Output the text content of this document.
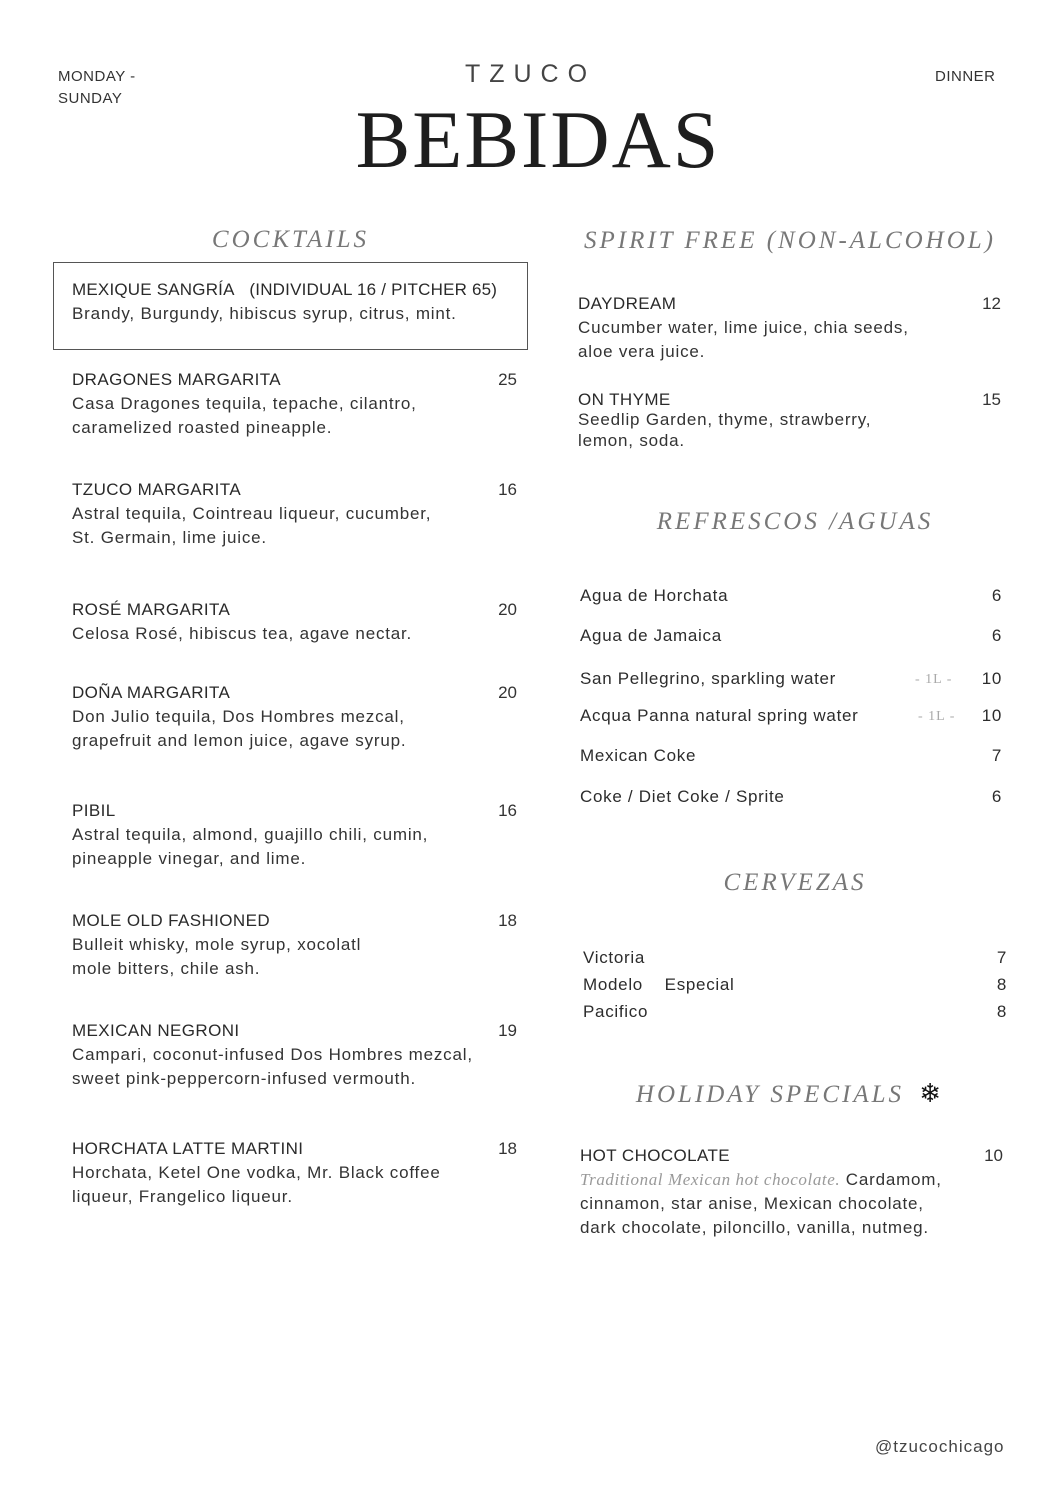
MONDAY -
SUNDAY
DINNER
TZUCO
BEBIDAS
COCKTAILS
MEXIQUE SANGRÍA (INDIVIDUAL 16 / PITCHER 65)
Brandy, Burgundy, hibiscus syrup, citrus, mint.
DRAGONES MARGARITA	25
Casa Dragones tequila, tepache, cilantro,
caramelized roasted pineapple.
TZUCO MARGARITA	16
Astral tequila, Cointreau liqueur, cucumber,
St. Germain, lime juice.
ROSÉ MARGARITA	20
Celosa Rosé, hibiscus tea, agave nectar.
DOÑA MARGARITA	20
Don Julio tequila, Dos Hombres mezcal,
grapefruit and lemon juice, agave syrup.
PIBIL	16
Astral tequila, almond, guajillo chili, cumin,
pineapple vinegar, and lime.
MOLE OLD FASHIONED	18
Bulleit whisky, mole syrup, xocolatl
mole bitters, chile ash.
MEXICAN NEGRONI	19
Campari, coconut-infused Dos Hombres mezcal,
sweet pink-peppercorn-infused vermouth.
HORCHATA LATTE MARTINI	18
Horchata, Ketel One vodka, Mr. Black coffee
liqueur, Frangelico liqueur.
SPIRIT FREE (NON-ALCOHOL)
DAYDREAM	12
Cucumber water, lime juice, chia seeds,
aloe vera juice.
ON THYME	15
Seedlip Garden, thyme, strawberry,
lemon, soda.
REFRESCOS /AGUAS
Agua de Horchata	6
Agua de Jamaica	6
San Pellegrino, sparkling water	- 1L -	10
Acqua Panna natural spring water	- 1L -	10
Mexican Coke	7
Coke / Diet Coke / Sprite	6
CERVEZAS
Victoria	7
Modelo    Especial	8
Pacifico	8
HOLIDAY SPECIALS ❄
HOT CHOCOLATE	10
Traditional Mexican hot chocolate. Cardamom,
cinnamon, star anise, Mexican chocolate,
dark chocolate, piloncillo, vanilla, nutmeg.
@tzucochicago
